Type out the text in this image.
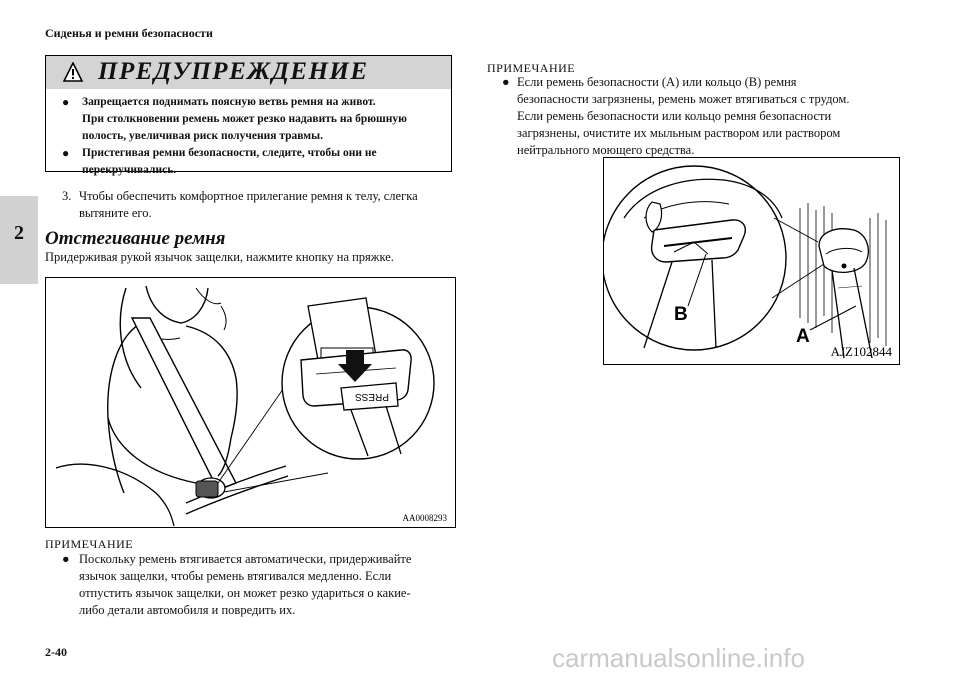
Сиденья и ремни безопасности
2
ПРЕДУПРЕЖДЕНИЕ
● Запрещается поднимать поясную ветвь ремня на живот.
При столкновении ремень может резко надавить на брюшную
полость, увеличивая риск получения травмы.
● Пристегивая ремни безопасности, следите, чтобы они не
перекручивались.
3. Чтобы обеспечить комфортное прилегание ремня к телу, слегка
вытяните его.
Отстегивание ремня
Придерживая рукой язычок защелки, нажмите кнопку на пряжке.
PRESS
AA0008293
ПРИМЕЧАНИЕ
● Поскольку ремень втягивается автоматически, придерживайте
язычок защелки, чтобы ремень втягивался медленно. Если
отпустить язычок защелки, он может резко удариться о какие-
либо детали автомобиля и повредить их.
ПРИМЕЧАНИЕ
● Если ремень безопасности (A) или кольцо (B) ремня
безопасности загрязнены, ремень может втягиваться с трудом.
Если ремень безопасности или кольцо ремня безопасности
загрязнены, очистите их мыльным раствором или раствором
нейтрального моющего средства.
B
A
AJZ102844
2-40	carmanualsonline.info
